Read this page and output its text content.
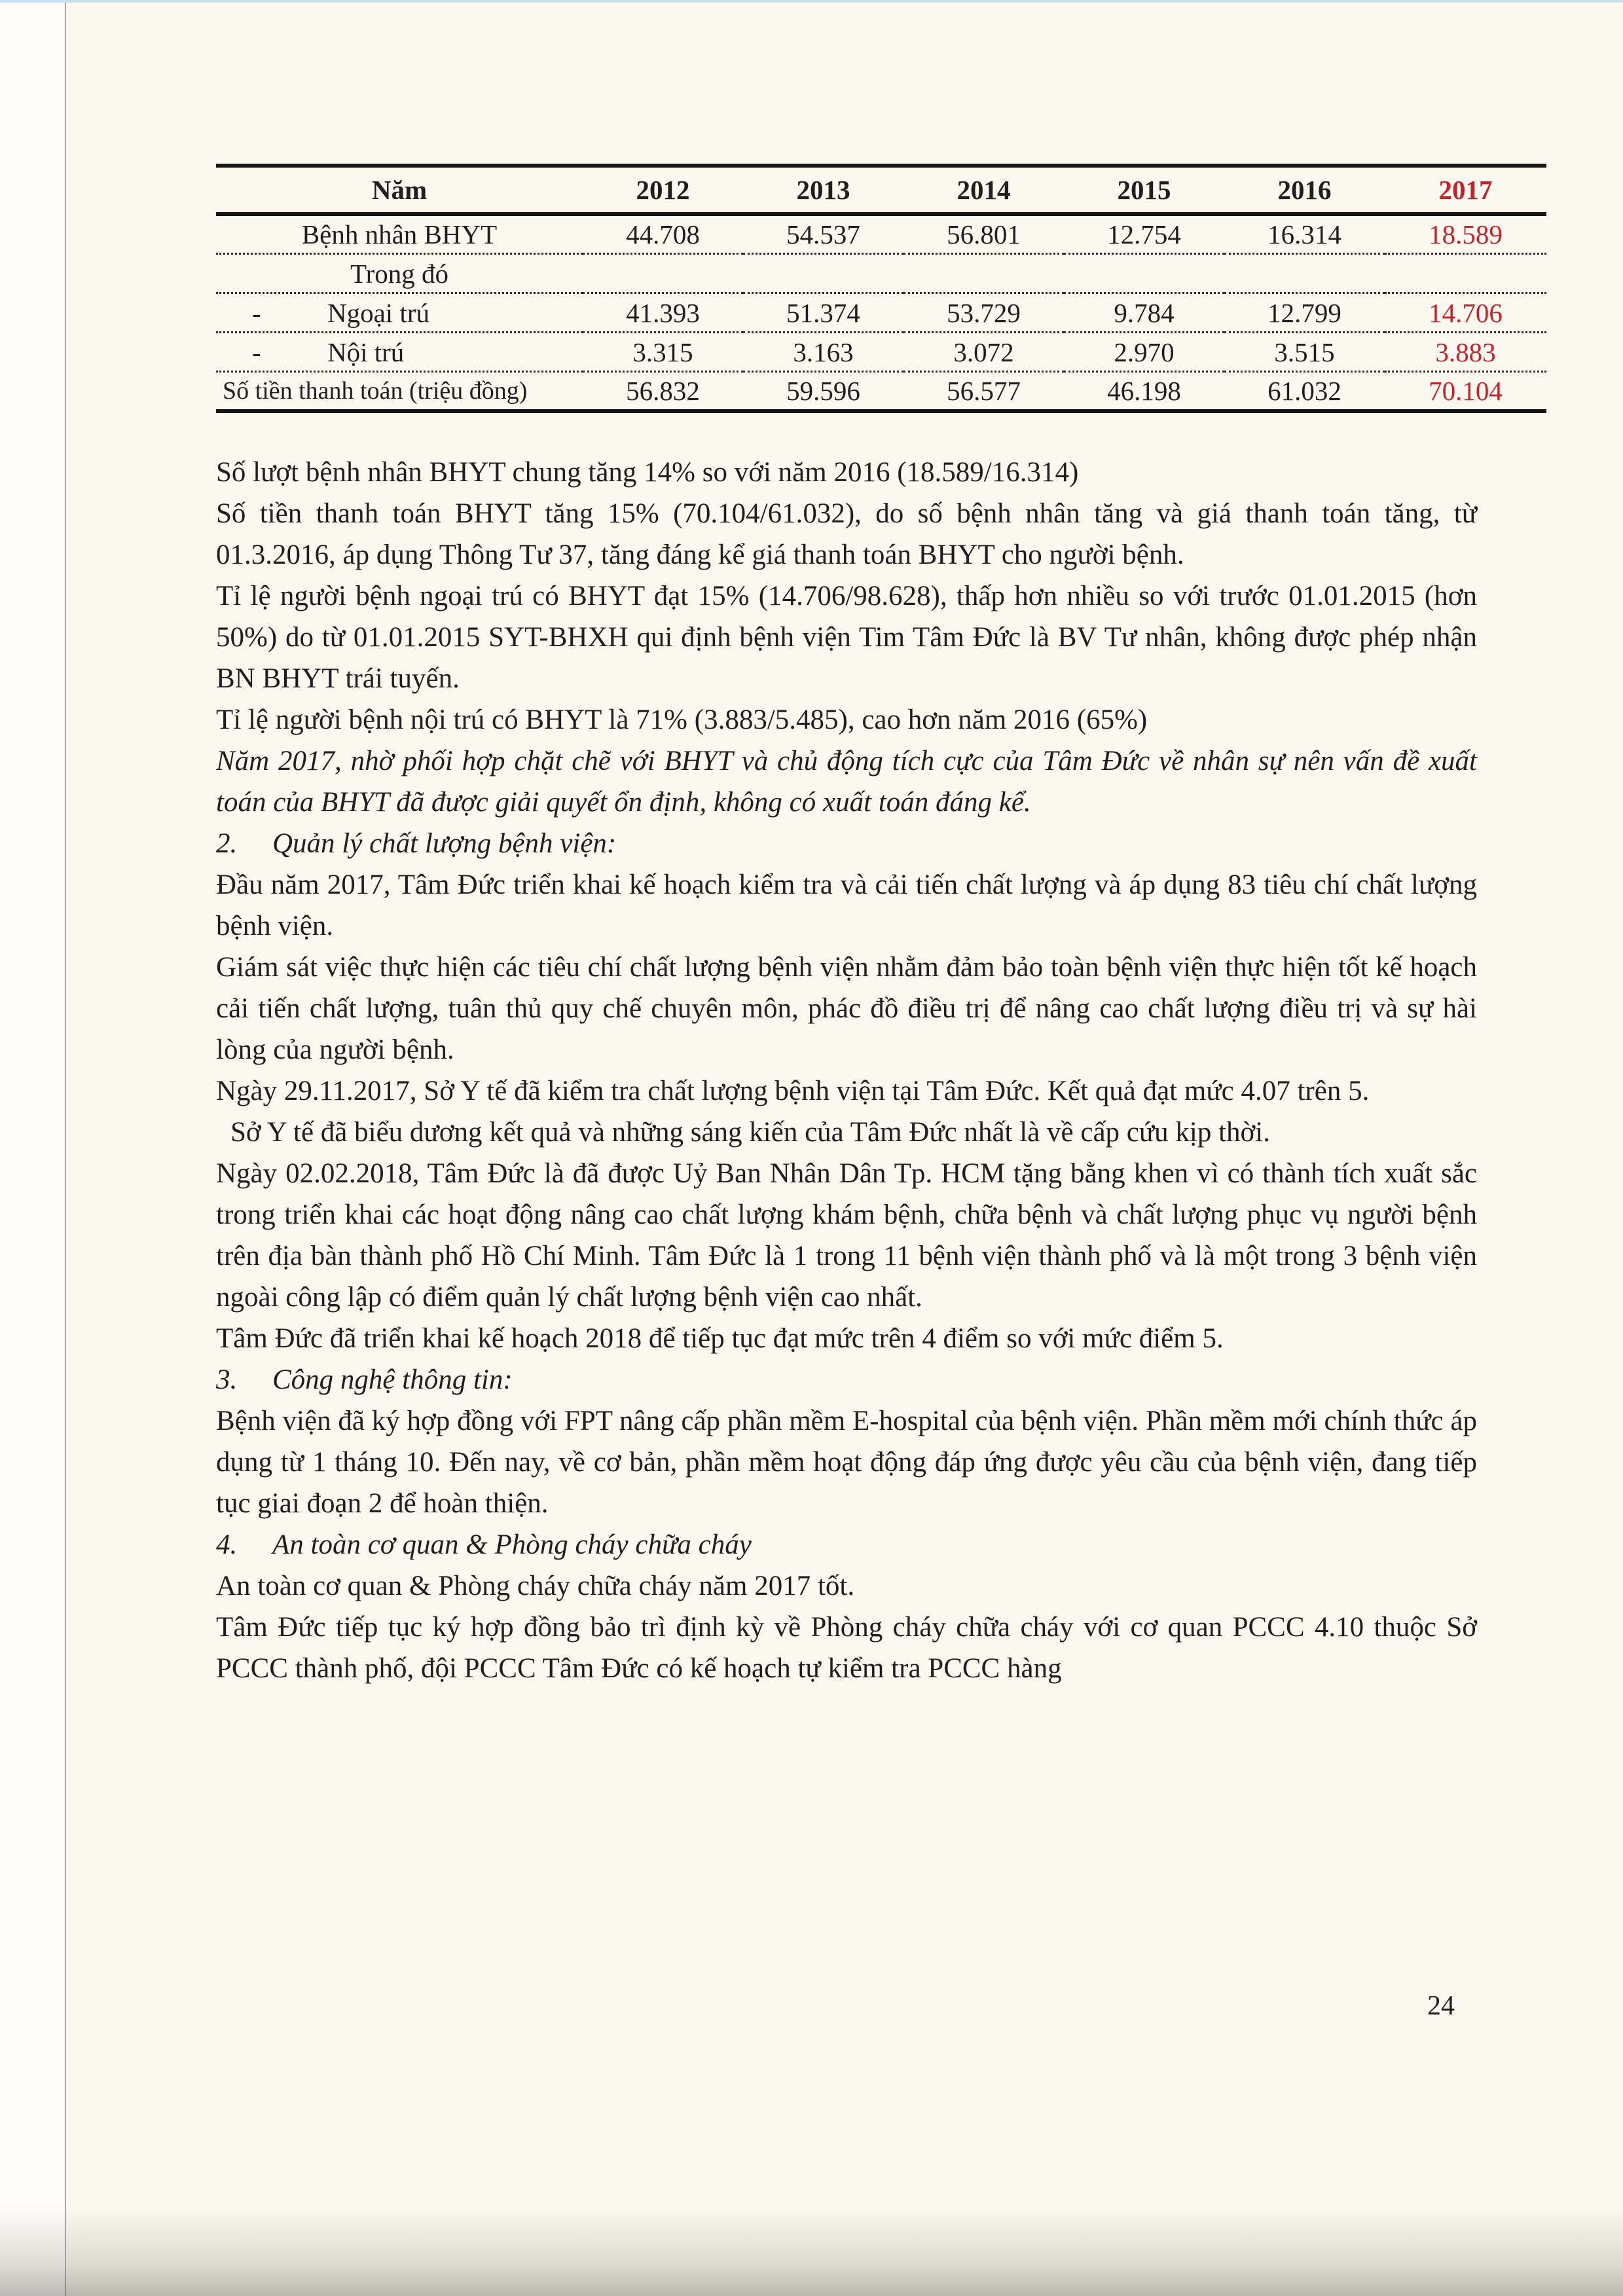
Năm	2012	2013	2014	2015	2016	2017
Bệnh nhân BHYT	44.708	54.537	56.801	12.754	16.314	18.589
Trong đó						
- Ngoại trú	41.393	51.374	53.729	9.784	12.799	14.706
- Nội trú	3.315	3.163	3.072	2.970	3.515	3.883
Số tiền thanh toán (triệu đồng)	56.832	59.596	56.577	46.198	61.032	70.104

Số lượt bệnh nhân BHYT chung tăng 14% so với năm 2016 (18.589/16.314)

Số tiền thanh toán BHYT tăng 15% (70.104/61.032), do số bệnh nhân tăng và giá thanh toán tăng, từ 01.3.2016, áp dụng Thông Tư 37, tăng đáng kể giá thanh toán BHYT cho người bệnh.

Tỉ lệ người bệnh ngoại trú có BHYT đạt 15% (14.706/98.628), thấp hơn nhiều so với trước 01.01.2015 (hơn 50%) do từ 01.01.2015 SYT-BHXH qui định bệnh viện Tim Tâm Đức là BV Tư nhân, không được phép nhận BN BHYT trái tuyến.

Tỉ lệ người bệnh nội trú có BHYT là 71% (3.883/5.485), cao hơn năm 2016 (65%)

Năm 2017, nhờ phối hợp chặt chẽ với BHYT và chủ động tích cực của Tâm Đức về nhân sự nên vấn đề xuất toán của BHYT đã được giải quyết ổn định, không có xuất toán đáng kể.

2. Quản lý chất lượng bệnh viện:

Đầu năm 2017, Tâm Đức triển khai kế hoạch kiểm tra và cải tiến chất lượng và áp dụng 83 tiêu chí chất lượng bệnh viện.

Giám sát việc thực hiện các tiêu chí chất lượng bệnh viện nhằm đảm bảo toàn bệnh viện thực hiện tốt kế hoạch cải tiến chất lượng, tuân thủ quy chế chuyên môn, phác đồ điều trị để nâng cao chất lượng điều trị và sự hài lòng của người bệnh.

Ngày 29.11.2017, Sở Y tế đã kiểm tra chất lượng bệnh viện tại Tâm Đức. Kết quả đạt mức 4.07 trên 5.

Sở Y tế đã biểu dương kết quả và những sáng kiến của Tâm Đức nhất là về cấp cứu kịp thời.

Ngày 02.02.2018, Tâm Đức là đã được Uỷ Ban Nhân Dân Tp. HCM tặng bằng khen vì có thành tích xuất sắc trong triển khai các hoạt động nâng cao chất lượng khám bệnh, chữa bệnh và chất lượng phục vụ người bệnh trên địa bàn thành phố Hồ Chí Minh. Tâm Đức là 1 trong 11 bệnh viện thành phố và là một trong 3 bệnh viện ngoài công lập có điểm quản lý chất lượng bệnh viện cao nhất.

Tâm Đức đã triển khai kế hoạch 2018 để tiếp tục đạt mức trên 4 điểm so với mức điểm 5.

3. Công nghệ thông tin:

Bệnh viện đã ký hợp đồng với FPT nâng cấp phần mềm E-hospital của bệnh viện. Phần mềm mới chính thức áp dụng từ 1 tháng 10. Đến nay, về cơ bản, phần mềm hoạt động đáp ứng được yêu cầu của bệnh viện, đang tiếp tục giai đoạn 2 để hoàn thiện.

4. An toàn cơ quan & Phòng cháy chữa cháy

An toàn cơ quan & Phòng cháy chữa cháy năm 2017 tốt.

Tâm Đức tiếp tục ký hợp đồng bảo trì định kỳ về Phòng cháy chữa cháy với cơ quan PCCC 4.10 thuộc Sở PCCC thành phố, đội PCCC Tâm Đức có kế hoạch tự kiểm tra PCCC hàng

24
